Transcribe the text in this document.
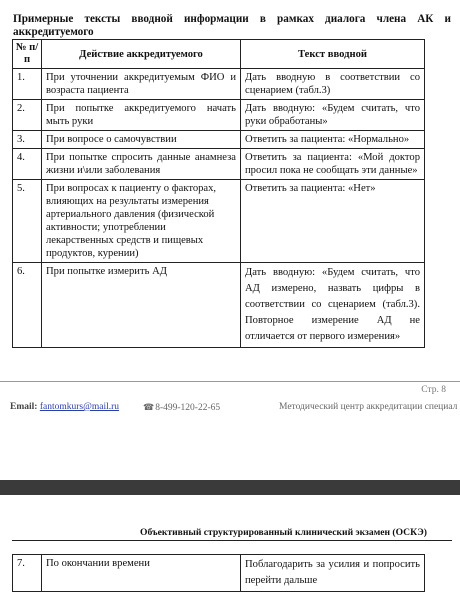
Примерные тексты вводной информации в рамках диалога члена АК и аккредитуемого
№ п/п	Действие аккредитуемого	Текст вводной
1.	При уточнении аккредитуемым ФИО и возраста пациента	Дать вводную в соответствии со сценарием (табл.3)
2.	При попытке аккредитуемого начать мыть руки	Дать вводную: «Будем считать, что руки обработаны»
3.	При вопросе о самочувствии	Ответить за пациента: «Нормально»
4.	При попытке спросить данные анамнеза жизни и\или заболевания	Ответить за пациента: «Мой доктор просил пока не сообщать эти данные»
5.	При вопросах к пациенту о факторах, влияющих на результаты измерения артериального давления (физической активности; употреблении лекарственных средств и пищевых продуктов, курении)	Ответить за пациента: «Нет»
6.	При попытке измерить АД	Дать вводную: «Будем считать, что АД измерено, назвать цифры в соответствии со сценарием (табл.3). Повторное измерение АД не отличается от первого измерения»
Стр. 8
Email: fantomkurs@mail.ru	☎8-499-120-22-65	Методический центр аккредитации специал
Объективный структурированный клинический экзамен (ОСКЭ)
7.	По окончании времени	Поблагодарить за усилия и попросить перейти дальше
